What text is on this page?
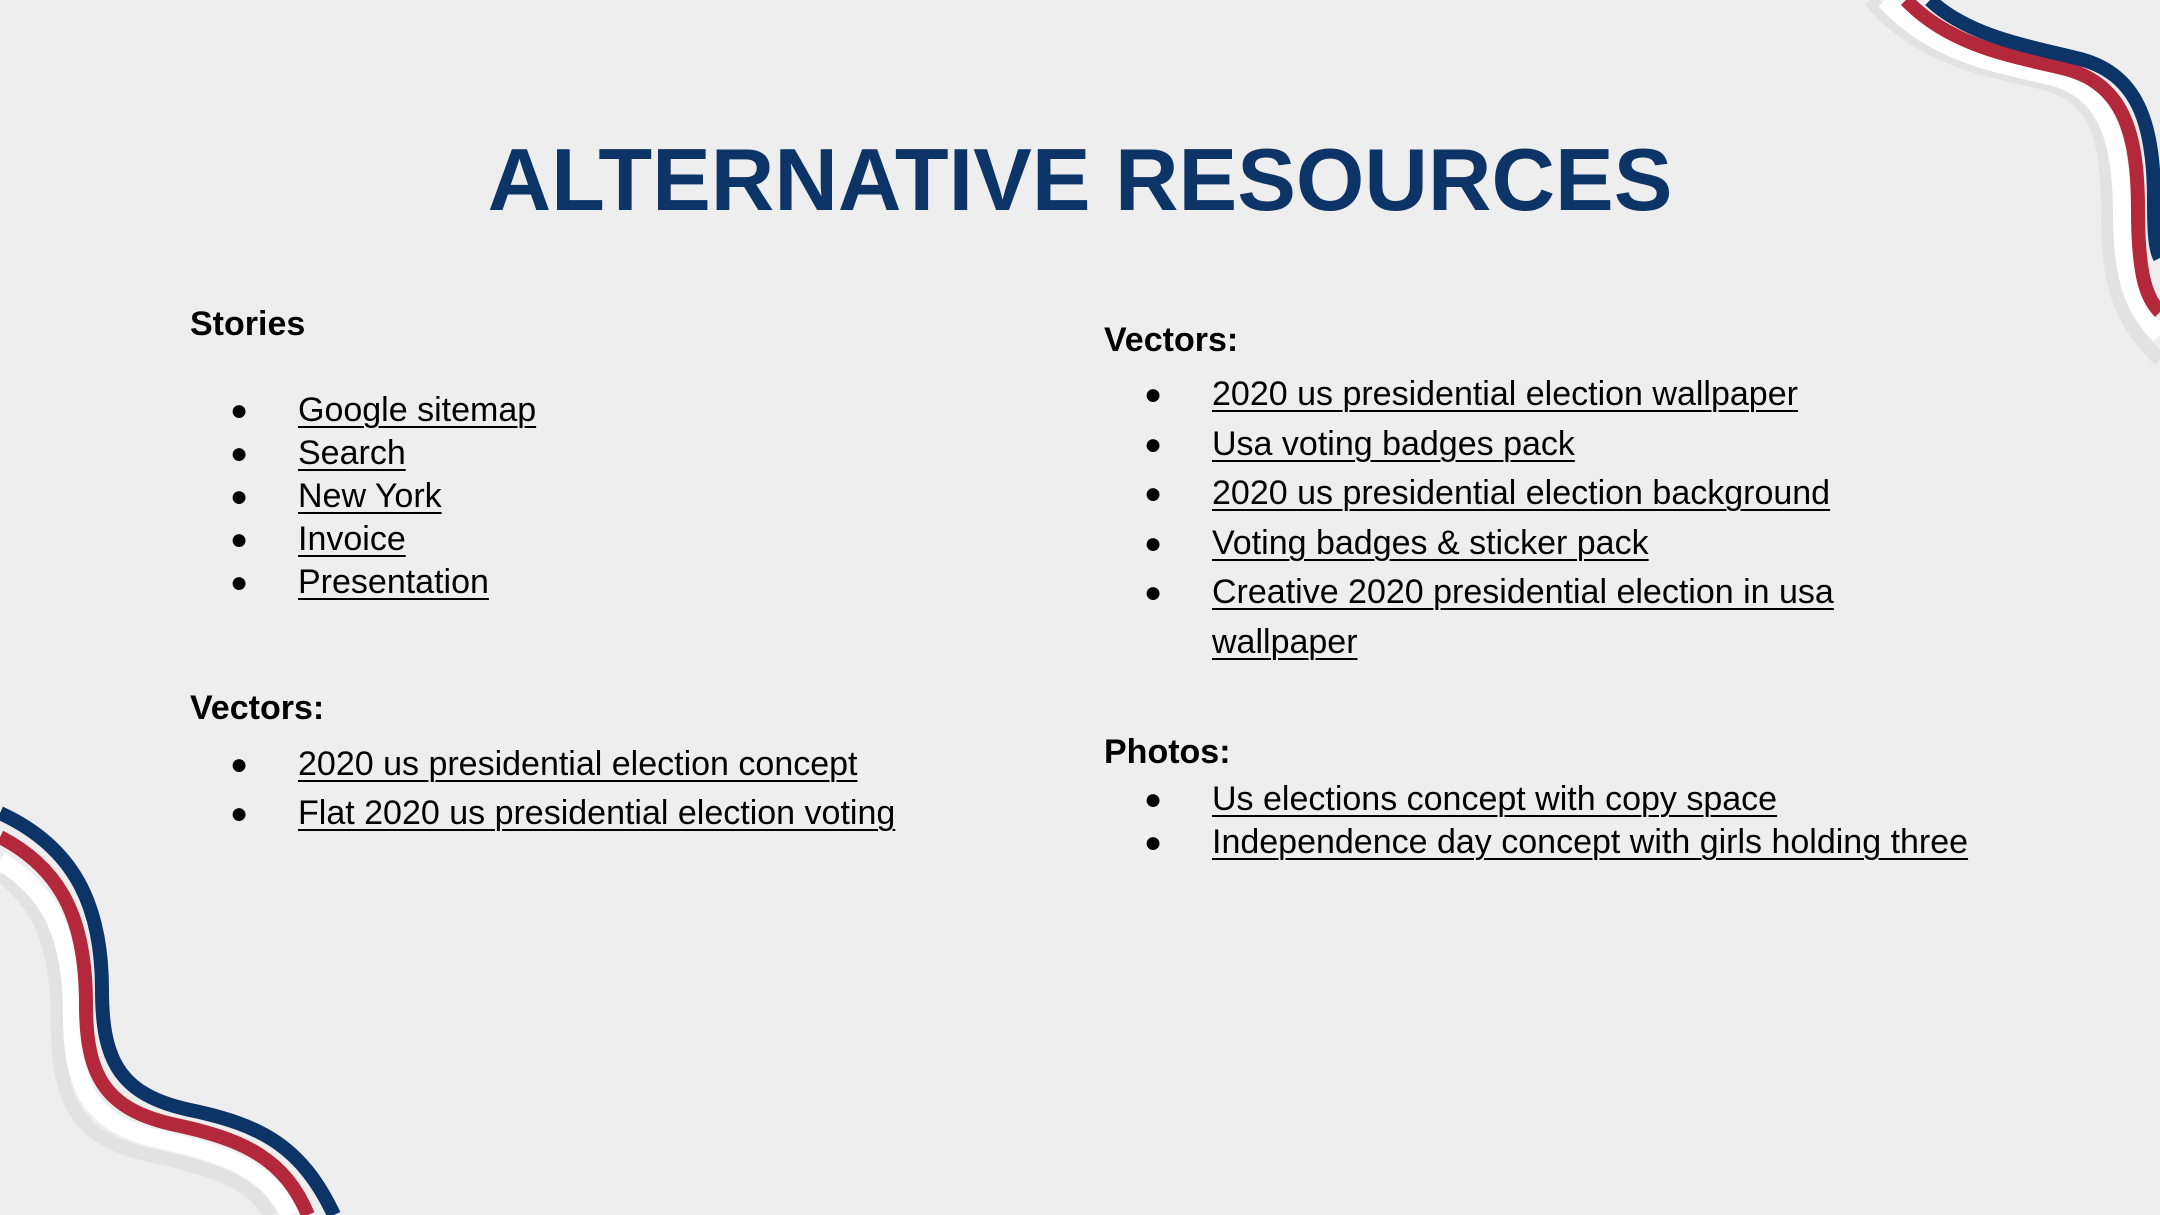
ALTERNATIVE RESOURCES
Stories
● Google sitemap
● Search
● New York
● Invoice
● Presentation
Vectors:
● 2020 us presidential election concept
● Flat 2020 us presidential election voting
Vectors:
● 2020 us presidential election wallpaper
● Usa voting badges pack
● 2020 us presidential election background
● Voting badges & sticker pack
● Creative 2020 presidential election in usa wallpaper
Photos:
● Us elections concept with copy space
● Independence day concept with girls holding three
